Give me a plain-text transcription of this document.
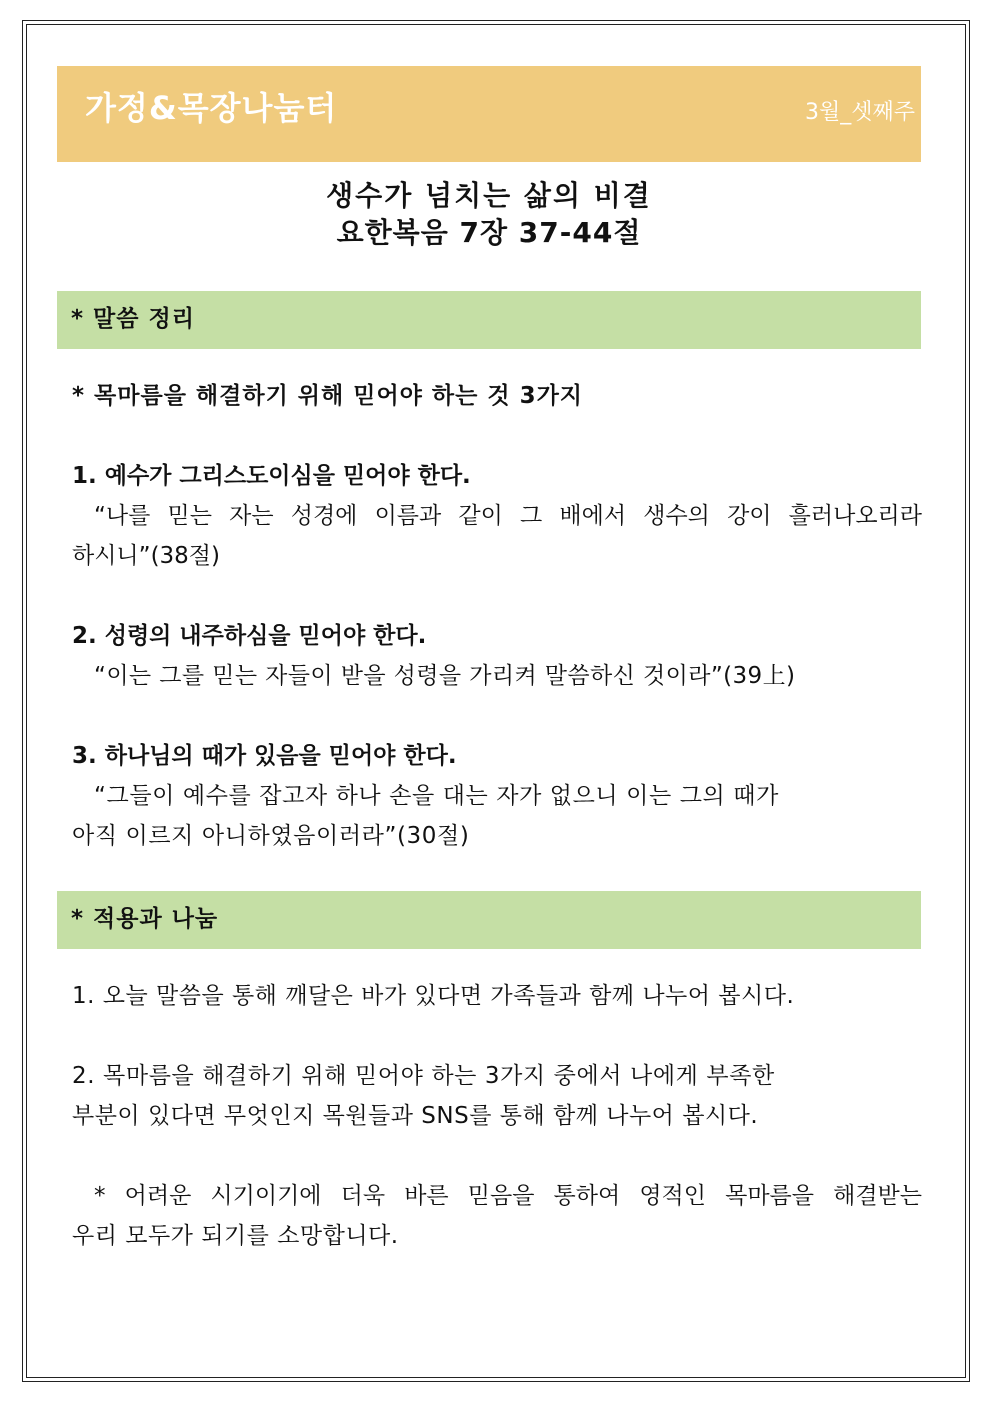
가정&목장나눔터	3월_셋째주
생수가 넘치는 삶의 비결
요한복음 7장 37-44절
* 말씀 정리
* 목마름을 해결하기 위해 믿어야 하는 것 3가지
1. 예수가 그리스도이심을 믿어야 한다.
“나를 믿는 자는 성경에 이름과 같이 그 배에서 생수의 강이 흘러나오리라
하시니”(38절)
2. 성령의 내주하심을 믿어야 한다.
“이는 그를 믿는 자들이 받을 성령을 가리켜 말씀하신 것이라”(39上)
3. 하나님의 때가 있음을 믿어야 한다.
“그들이 예수를 잡고자 하나 손을 대는 자가 없으니 이는 그의 때가
아직 이르지 아니하였음이러라”(30절)
* 적용과 나눔
1. 오늘 말씀을 통해 깨달은 바가 있다면 가족들과 함께 나누어 봅시다.
2. 목마름을 해결하기 위해 믿어야 하는 3가지 중에서 나에게 부족한
부분이 있다면 무엇인지 목원들과 SNS를 통해 함께 나누어 봅시다.
* 어려운 시기이기에 더욱 바른 믿음을 통하여 영적인 목마름을 해결받는
우리 모두가 되기를 소망합니다.
